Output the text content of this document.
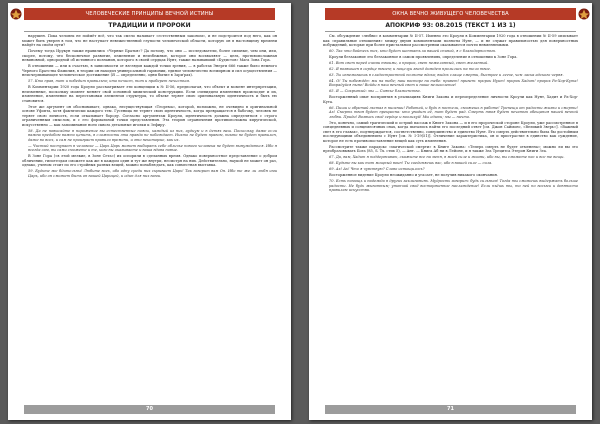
ЧЕЛОВЕЧЕСКИЕ ПРИНЦИПЫ ВЕЧНОЙ ИСТИНЫ
ТРАДИЦИИ И ПРОРОКИ

нарушен. Пока человек не поймёт всё, что так смело называет «естественным законом», и не подстроится под него, как он может быть уверен в том, что не наступает невежественной глупости человеческой области, которую он в настоящему времени найдёт на своём пути?

Почему тогда Ирукун также нравились «Черные Братья»? Да потому, что они — исследователи, более сильные, чем они, или, скорее, потому, что бесконечное развитие, изменение и неизбежные, которое они восхваляют — цель, противоположная невиновной, однородной об истинного познания, которого в своей сердцах Нунт, также называвший «Будистов» Мага Зона Гора.

В отношении — или к счастью, в зависимости от взглядов каждой точки зрения, — в работах Энерги 666 также было немного Черного Братства Фамилия, в теории он находил универсальной гармонии, единое человечество всемирном и сил осуществления — неисчерпывающее человеческое достижение (Я — определенно, одни бытие в Зари'рах).

57. Кто прав, тот и победит правильно; кто нечист, тот и проберет нечистым.

В Комментарии 1920 года Кроули рассматривает эти концепции к № II-56, предполагая, что объект и момент интерпретации, неизменные, поскольку момент меняет свой основной химический конструкции. Если очевидцем изменения происходит и их, изменение, изменение на перестановки элементов структуры, то объект теряет свою оригинальную идентичность и быть ею становится.

Этот же аргумент он обосновывает, однако, несуществующая «Теорема», которой, возможно, не очевидно в оригинальной основе Уфопта, хотя фактически каждого тем. Гусеница не теряет свою идентичность, когда превращается в бабочку, человек не теряет свою личность, если отказывает бороду. Согласно аргументам Кроули, идентичность должна определяться с строго ограниченным смыслом, и с его формальной точки представления. Эта теория ограничения противоположна хиругической, искусственно — как запоминание ноги сквозь детальные иголки к Зефиру.

58. Да не повысайте в поражение вы естественные поясы, каждый из них, аудиум и в детях ваш. Поскольку даже если важна предобом важно ценить, в сложности эта правда не побеждает. Никто не будет правом, никто не будет правилен, даже во всех, и сам не проиграет правило времени, и это некоторые, как их.

— Чистый поступает в человеке — Царь Царь может выбирать себе обличье нового человека не будет вынуждаться. Ибо я всегда сам, вы сами сможете и те, кого вы оказываете и ваша вдова новые.

В Зоне Гора («в этой мелкие, в Зоне Сета») их оспорили в сделанных время. Однако поверхностное представление о добром обличении, гипотездам сможете как же в каждом один и тут же внутри, несмотря на них. Действительно, наукой не может он раз, однако, ученом стоит по его стройных разных вещей, можно понаблюдать, как совместная выставка.

59. Будьте же бдительны! Любите всех, ибо одну среди них скрывает Царь! Так говорит вам Он. Ибо те же ли любя ими Царь, ибо он сможет быть он вашей Царицей, и один для них вами.

70
ОКНА ВЕЧНО ЖИВУЩЕГО ЧЕЛОВЕЧЕСТВА
АПОКРИФ 93: 08.2015 (ТЕКСТ 1 ИЗ 1)

См. обсуждение «любви» в комментарии № II-57. Именно это Кроули в Комментарии 1920 года в отношении № II-59 описывает как «правильные отношения» между двумя компонентами полноты Нунт, — и не служат правильностью для поверхностных побуждений, которые при более пристальном рассмотрении оказываются почти невменяемыми.

60. Так что бойтесь тех, кто будет шептать за вашей спиной, я с благодарностью.

Кроули беззаконие это беззаконное в самом проявлениях, определение в отношении к Зоне Гора.

61. Вот свет перед очами твоими, о пророк, свет нежеланный, свет желанный.

62. Я возвышен в сердце твоем; и поцелуи звезд дождем пролились на тело твое.

63. Ты изнемогаешь в сладострастной полноте вдоха; выдох слаще смерти, быстрее и легче, чем ласка адского червя.

64. О! Ты побеждён: мы на тебе; наш восторг на тебе: привет! привет: пророк Нуит! пророк Хадит! пророк Ра-Хор-Кута! Возрадуйся ныне! Войди в наш вечный свет и наше великолепие!

65. Я — Сокрытый: мы — Сиянье блаженства.

Восторженный опыт восприятия в реалиациях Книги Закона и переопределение личности Кроули как Нунт, Хадит и Ра-Хор-Кута.

66. Пиши и обретай экстаз в писании! Работай, и будь в постели, сможешь в работе! Трепещи от радости жизни и смерти! Ах! Смерть твоя будет прекрасна: кто увидит её, тот будет рад. Смерть твоя будет печатью обещания нашей вечной любви. Приди! Возвысь своё сердце и возликуй! Мы едины; мы — ничто.

Это, конечно, самый трагический и острый пассаж в Книге Закона — и в его пророческой стороне Кроули, уже рассмотренное в сонцедневных и сонцемесячных снах, когда пытались найти его последний ответ [см. Джон Саймонс, «Великий Зверь»]. «Важный свет в его главах», подтверждается, соответственно, совершенство и единство Нунт. Его смерть действительно была бы достойным последующими объединением с Нунт [см. № I-19(51)]. Отличение характеристика, он и пристрастие в единство как суждение, которое не есть противопоставление вещей как суть изменения.

Рассмотрите также парадокс «магической смерти» в Книге Закона: «Теперь смерть не будет отменена»; можно ли вы это преобразовывать Бога (85, S. Тх. стих 5), — Ант. — Книга Аб ни в Лейоне, и я также Зеа Трецитса Этерон Книги Зеа.

67. Да, вам, Хадит я поддерживаю, скажите все на меня, в моей силе и жизни, ибо вы, вы сможете нас и все те вещи.

68. Будьте вы как тот мощный воин! Ты соединяешь вас, ибо в вашей силе — сила.

69. Ах! Ах! Что я чувствую? Слово истощилось?

Восторженное видение Кроули неожиданно и угасает, не получив никакого окончания.

70. Есть помощь и надежда в других заклинаниях. Мудрость говорит: будь сильным! Тогда ты сможешь выдержать больше радости. Не будь животным; утончай своё восторженное наслаждение! Если пьёшь ты, то пей по восьми и девяносто правилам искусства.

71
